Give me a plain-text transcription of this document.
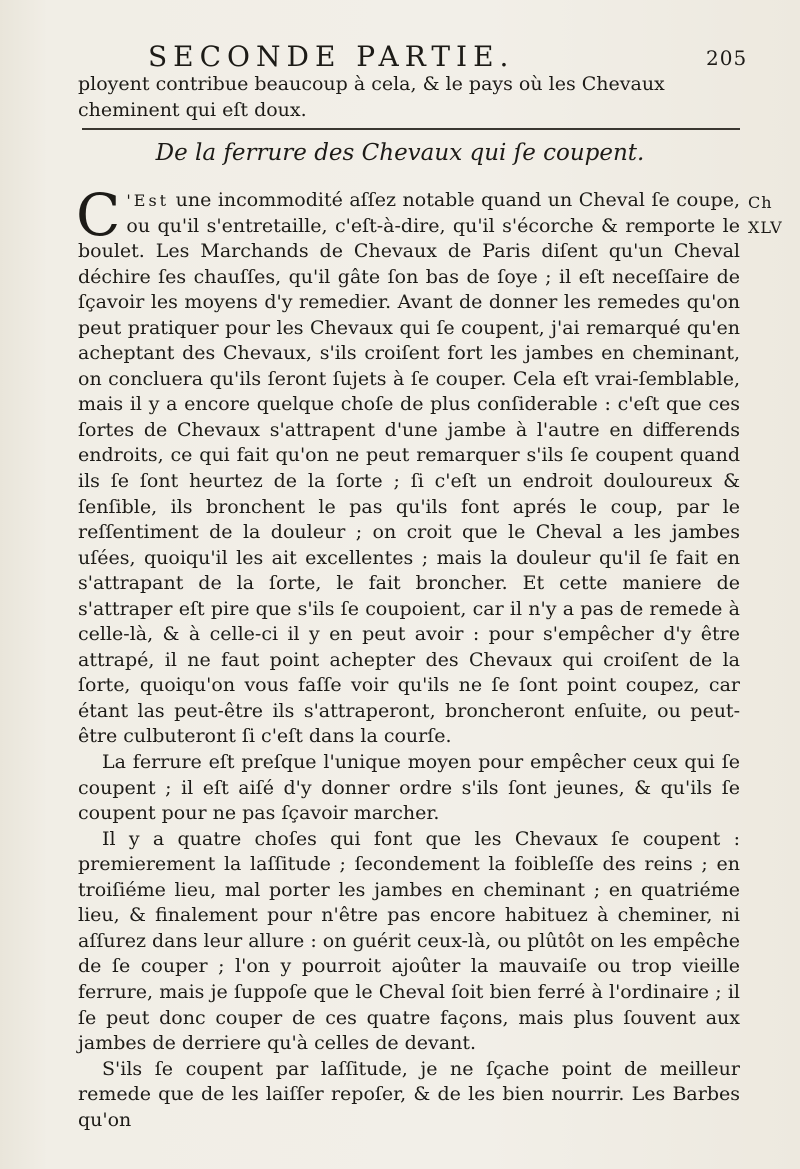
SECONDE PARTIE.	205
ployent contribue beaucoup à cela, & le pays où les Chevaux cheminent qui eſt doux.
De la ferrure des Chevaux qui ſe coupent.
Ch
XLV

C 'Est une incommodité aſſez notable quand un Cheval ſe coupe, ou qu'il s'entretaille, c'eſt-à-dire, qu'il s'écorche & remporte le boulet. Les Marchands de Chevaux de Paris diſent qu'un Cheval déchire ſes chauſſes, qu'il gâte ſon bas de ſoye ; il eſt neceſſaire de ſçavoir les moyens d'y remedier. Avant de donner les remedes qu'on peut pratiquer pour les Chevaux qui ſe coupent, j'ai remarqué qu'en acheptant des Chevaux, s'ils croiſent fort les jambes en cheminant, on concluera qu'ils ſeront ſujets à ſe couper. Cela eſt vrai-ſemblable, mais il y a encore quelque choſe de plus conſiderable : c'eſt que ces ſortes de Chevaux s'attrapent d'une jambe à l'autre en differends endroits, ce qui fait qu'on ne peut remarquer s'ils ſe coupent quand ils ſe ſont heurtez de la ſorte ; ſi c'eſt un endroit douloureux & ſenſible, ils bronchent le pas qu'ils font aprés le coup, par le reſſentiment de la douleur ; on croit que le Cheval a les jambes uſées, quoiqu'il les ait excellentes ; mais la douleur qu'il ſe fait en s'attrapant de la ſorte, le fait broncher. Et cette maniere de s'attraper eſt pire que s'ils ſe coupoient, car il n'y a pas de remede à celle-là, & à celle-ci il y en peut avoir : pour s'empêcher d'y être attrapé, il ne faut point achepter des Chevaux qui croiſent de la ſorte, quoiqu'on vous faſſe voir qu'ils ne ſe ſont point coupez, car étant las peut-être ils s'attraperont, broncheront enſuite, ou peut-être culbuteront ſi c'eſt dans la courſe.

La ferrure eſt preſque l'unique moyen pour empêcher ceux qui ſe coupent ; il eſt aiſé d'y donner ordre s'ils ſont jeunes, & qu'ils ſe coupent pour ne pas ſçavoir marcher.

Il y a quatre choſes qui font que les Chevaux ſe coupent : premierement la laſſitude ; ſecondement la foibleſſe des reins ; en troiſiéme lieu, mal porter les jambes en cheminant ; en quatriéme lieu, & finalement pour n'être pas encore habituez à cheminer, ni aſſurez dans leur allure : on guérit ceux-là, ou plûtôt on les empêche de ſe couper ; l'on y pourroit ajoûter la mauvaiſe ou trop vieille ferrure, mais je ſuppoſe que le Cheval ſoit bien ferré à l'ordinaire ; il ſe peut donc couper de ces quatre façons, mais plus ſouvent aux jambes de derriere qu'à celles de devant.

S'ils ſe coupent par laſſitude, je ne ſçache point de meilleur remede que de les laiſſer repoſer, & de les bien nourrir. Les Barbes qu'on
